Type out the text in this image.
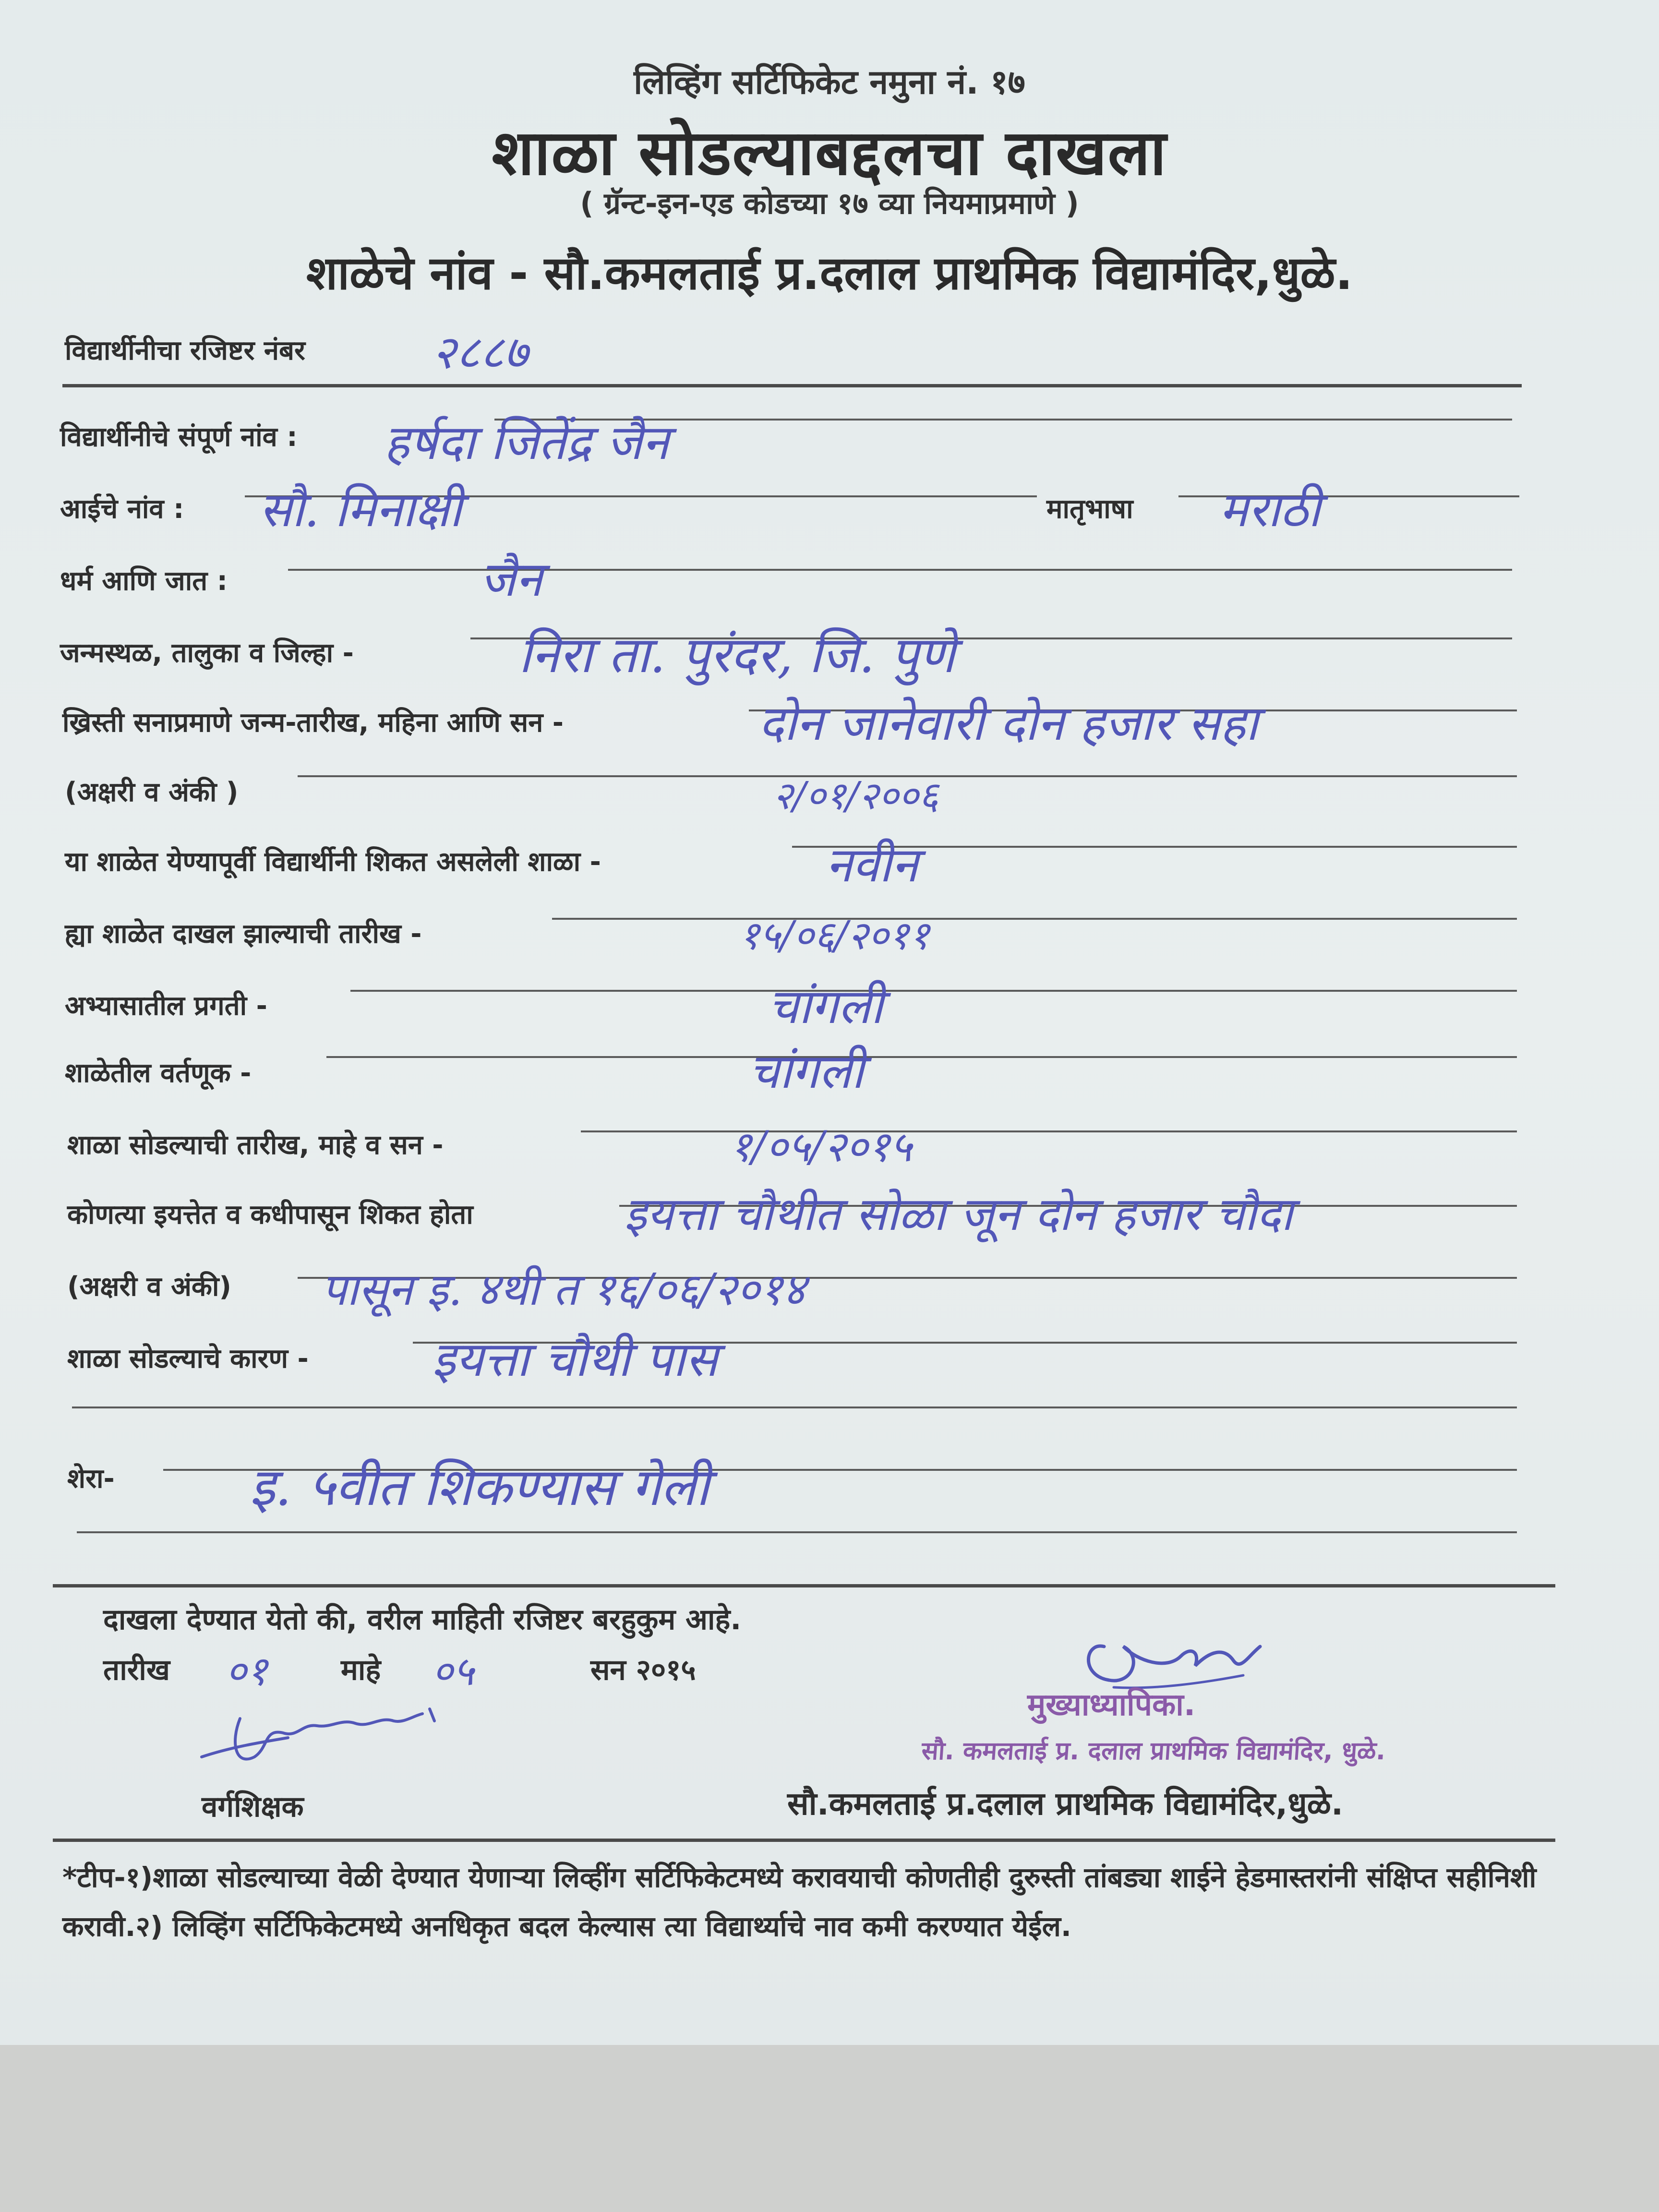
लिव्हिंग सर्टिफिकेट नमुना नं. १७
शाळा सोडल्याबद्दलचा दाखला
( ग्रॅन्ट-इन-एड कोडच्या १७ व्या नियमाप्रमाणे )
शाळेचे नांव - सौ.कमलताई प्र.दलाल प्राथमिक विद्यामंदिर,धुळे.
विद्यार्थीनीचा रजिष्टर नंबर	२८८७
विद्यार्थीनीचे संपूर्ण नांव : हर्षदा जितेंद्र जैन
आईचे नांव : सौ. मिनाक्षी	मातृभाषा मराठी
धर्म आणि जात :	जैन
जन्मस्थळ, तालुका व जिल्हा -	निरा ता. पुरंदर, जि. पुणे
ख्रिस्ती सनाप्रमाणे जन्म-तारीख, महिना आणि सन -	दोन जानेवारी दोन हजार सहा
(अक्षरी व अंकी )	२/०१/२००६
या शाळेत येण्यापूर्वी विद्यार्थीनी शिकत असलेली शाळा -	नवीन
ह्या शाळेत दाखल झाल्याची तारीख -	१५/०६/२०११
अभ्यासातील प्रगती -	चांगली
शाळेतील वर्तणूक -	चांगली
शाळा सोडल्याची तारीख, माहे व सन -	१/०५/२०१५
कोणत्या इयत्तेत व कधीपासून शिकत होता	इयत्ता चौथीत सोळा जून दोन हजार चौदा
(अक्षरी व अंकी) पासून इ. ४थी त १६/०६/२०१४
शाळा सोडल्याचे कारण -	इयत्ता चौथी पास
शेरा-	इ. ५वीत शिकण्यास गेली
दाखला देण्यात येतो की, वरील माहिती रजिष्टर बरहुकुम आहे.
तारीख ०१	माहे ०५	सन २०१५
मुख्याध्यापिका.
सौ. कमलताई प्र. दलाल प्राथमिक विद्यामंदिर, धुळे.
वर्गशिक्षक	सौ.कमलताई प्र.दलाल प्राथमिक विद्यामंदिर,धुळे.
*टीप-१)शाळा सोडल्याच्या वेळी देण्यात येणाऱ्या लिव्हींग सर्टिफिकेटमध्ये करावयाची कोणतीही दुरुस्ती तांबड्या शाईने हेडमास्तरांनी संक्षिप्त सहीनिशी करावी.२) लिव्हिंग सर्टिफिकेटमध्ये अनधिकृत बदल केल्यास त्या विद्यार्थ्याचे नाव कमी करण्यात येईल.
